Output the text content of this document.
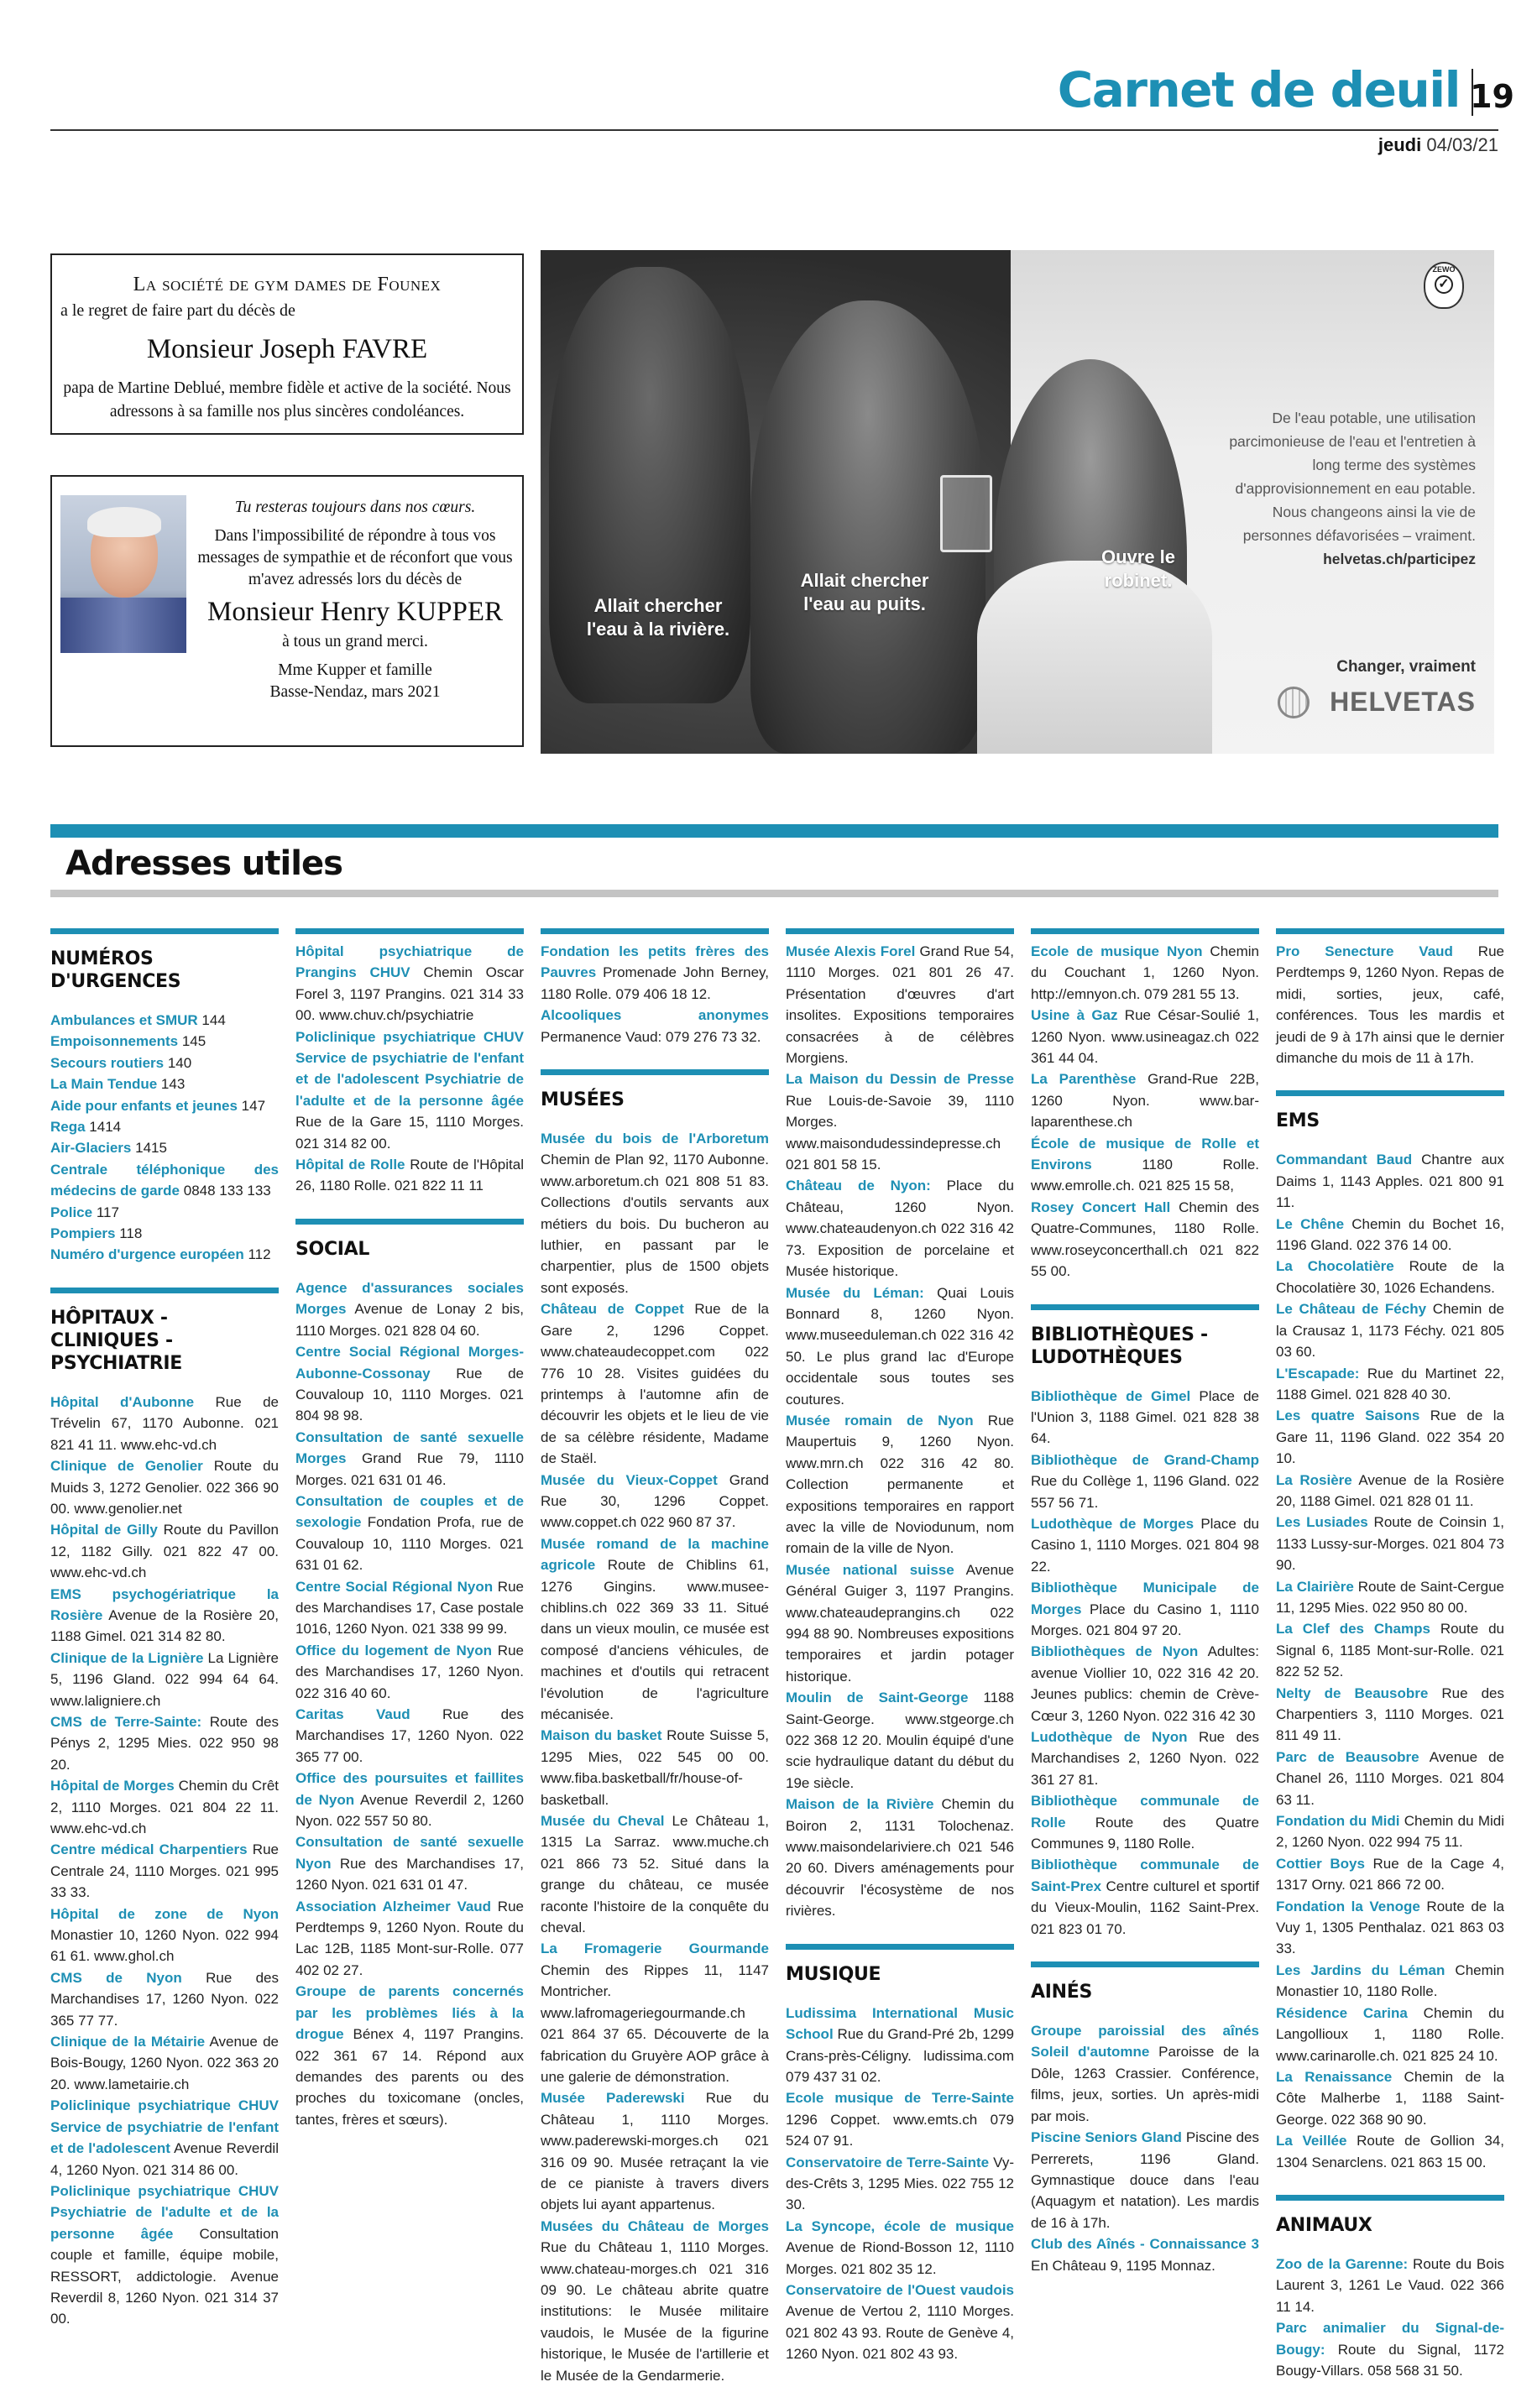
Carnet de deuil 19
jeudi 04/03/21
La société de gym dames de Founex
a le regret de faire part du décès de
Monsieur Joseph FAVRE
papa de Martine Deblué, membre fidèle et active de la société. Nous adressons à sa famille nos plus sincères condoléances.
Tu resteras toujours dans nos cœurs.
Dans l'impossibilité de répondre à tous vos messages de sympathie et de réconfort que vous m'avez adressés lors du décès de
Monsieur Henry KUPPER
à tous un grand merci.
Mme Kupper et famille
Basse-Nendaz, mars 2021
Allait chercher l'eau à la rivière.
Allait chercher l'eau au puits.
Ouvre le robinet.
ZEWO
✓
De l'eau potable, une utilisation parcimonieuse de l'eau et l'entretien à long terme des systèmes d'approvisionnement en eau potable. Nous changeons ainsi la vie de personnes défavorisées – vraiment.
helvetas.ch/participez
Changer, vraiment
HELVETAS
Adresses utiles
NUMÉROS D'URGENCES
Ambulances et SMUR 144
Empoisonnements 145
Secours routiers 140
La Main Tendue 143
Aide pour enfants et jeunes 147
Rega 1414
Air-Glaciers 1415
Centrale téléphonique des médecins de garde 0848 133 133
Police 117
Pompiers 118
Numéro d'urgence européen 112
HÔPITAUX - CLINIQUES - PSYCHIATRIE
Hôpital d'Aubonne Rue de Trévelin 67, 1170 Aubonne. 021 821 41 11. www.ehc-vd.ch
Clinique de Genolier Route du Muids 3, 1272 Genolier. 022 366 90 00. www.genolier.net
Hôpital de Gilly Route du Pavillon 12, 1182 Gilly. 021 822 47 00. www.ehc-vd.ch
EMS psychogériatrique la Rosière Avenue de la Rosière 20, 1188 Gimel. 021 314 82 80.
Clinique de la Lignière La Lignière 5, 1196 Gland. 022 994 64 64. www.laligniere.ch
CMS de Terre-Sainte: Route des Pénys 2, 1295 Mies. 022 950 98 20.
Hôpital de Morges Chemin du Crêt 2, 1110 Morges. 021 804 22 11. www.ehc-vd.ch
Centre médical Charpentiers Rue Centrale 24, 1110 Morges. 021 995 33 33.
Hôpital de zone de Nyon Monastier 10, 1260 Nyon. 022 994 61 61. www.ghol.ch
CMS de Nyon Rue des Marchandises 17, 1260 Nyon. 022 365 77 77.
Clinique de la Métairie Avenue de Bois-Bougy, 1260 Nyon. 022 363 20 20. www.lametairie.ch
Policlinique psychiatrique CHUV Service de psychiatrie de l'enfant et de l'adolescent Avenue Reverdil 4, 1260 Nyon. 021 314 86 00.
Policlinique psychiatrique CHUV Psychiatrie de l'adulte et de la personne âgée Consultation couple et famille, équipe mobile, RESSORT, addictologie. Avenue Reverdil 8, 1260 Nyon. 021 314 37 00.
Hôpital psychiatrique de Prangins CHUV Chemin Oscar Forel 3, 1197 Prangins. 021 314 33 00. www.chuv.ch/psychiatrie
Policlinique psychiatrique CHUV Service de psychiatrie de l'enfant et de l'adolescent Psychiatrie de l'adulte et de la personne âgée Rue de la Gare 15, 1110 Morges. 021 314 82 00.
Hôpital de Rolle Route de l'Hôpital 26, 1180 Rolle. 021 822 11 11
SOCIAL
Agence d'assurances sociales Morges Avenue de Lonay 2 bis, 1110 Morges. 021 828 04 60.
Centre Social Régional Morges-Aubonne-Cossonay Rue de Couvaloup 10, 1110 Morges. 021 804 98 98.
Consultation de santé sexuelle Morges Grand Rue 79, 1110 Morges. 021 631 01 46.
Consultation de couples et de sexologie Fondation Profa, rue de Couvaloup 10, 1110 Morges. 021 631 01 62.
Centre Social Régional Nyon Rue des Marchandises 17, Case postale 1016, 1260 Nyon. 021 338 99 99.
Office du logement de Nyon Rue des Marchandises 17, 1260 Nyon. 022 316 40 60.
Caritas Vaud Rue des Marchandises 17, 1260 Nyon. 022 365 77 00.
Office des poursuites et faillites de Nyon Avenue Reverdil 2, 1260 Nyon. 022 557 50 80.
Consultation de santé sexuelle Nyon Rue des Marchandises 17, 1260 Nyon. 021 631 01 47.
Association Alzheimer Vaud Rue Perdtemps 9, 1260 Nyon. Route du Lac 12B, 1185 Mont-sur-Rolle. 077 402 02 27.
Groupe de parents concernés par les problèmes liés à la drogue Bénex 4, 1197 Prangins. 022 361 67 14. Répond aux demandes des parents ou des proches du toxicomane (oncles, tantes, frères et sœurs).
Fondation les petits frères des Pauvres Promenade John Berney, 1180 Rolle. 079 406 18 12.
Alcooliques anonymes Permanence Vaud: 079 276 73 32.
MUSÉES
Musée du bois de l'Arboretum Chemin de Plan 92, 1170 Aubonne. www.arboretum.ch 021 808 51 83. Collections d'outils servants aux métiers du bois. Du bucheron au luthier, en passant par le charpentier, plus de 1500 objets sont exposés.
Château de Coppet Rue de la Gare 2, 1296 Coppet. www.chateaudecoppet.com 022 776 10 28. Visites guidées du printemps à l'automne afin de découvrir les objets et le lieu de vie de sa célèbre résidente, Madame de Staël.
Musée du Vieux-Coppet Grand Rue 30, 1296 Coppet. www.coppet.ch 022 960 87 37.
Musée romand de la machine agricole Route de Chiblins 61, 1276 Gingins. www.musee-chiblins.ch 022 369 33 11. Situé dans un vieux moulin, ce musée est composé d'anciens véhicules, de machines et d'outils qui retracent l'évolution de l'agriculture mécanisée.
Maison du basket Route Suisse 5, 1295 Mies, 022 545 00 00. www.fiba.basketball/fr/house-of-basketball.
Musée du Cheval Le Château 1, 1315 La Sarraz. www.muche.ch 021 866 73 52. Situé dans la grange du château, ce musée raconte l'histoire de la conquête du cheval.
La Fromagerie Gourmande Chemin des Rippes 11, 1147 Montricher. www.lafromageriegourmande.ch 021 864 37 65. Découverte de la fabrication du Gruyère AOP grâce à une galerie de démonstration.
Musée Paderewski Rue du Château 1, 1110 Morges. www.paderewski-morges.ch 021 316 09 90. Musée retraçant la vie de ce pianiste à travers divers objets lui ayant appartenus.
Musées du Château de Morges Rue du Château 1, 1110 Morges. www.chateau-morges.ch 021 316 09 90. Le château abrite quatre institutions: le Musée militaire vaudois, le Musée de la figurine historique, le Musée de l'artillerie et le Musée de la Gendarmerie.
Musée Alexis Forel Grand Rue 54, 1110 Morges. 021 801 26 47. Présentation d'œuvres d'art insolites. Expositions temporaires consacrées à de célèbres Morgiens.
La Maison du Dessin de Presse Rue Louis-de-Savoie 39, 1110 Morges. www.maisondudessindepresse.ch 021 801 58 15.
Château de Nyon: Place du Château, 1260 Nyon. www.chateaudenyon.ch 022 316 42 73. Exposition de porcelaine et Musée historique.
Musée du Léman: Quai Louis Bonnard 8, 1260 Nyon. www.museeduleman.ch 022 316 42 50. Le plus grand lac d'Europe occidentale sous toutes ses coutures.
Musée romain de Nyon Rue Maupertuis 9, 1260 Nyon. www.mrn.ch 022 316 42 80. Collection permanente et expositions temporaires en rapport avec la ville de Noviodunum, nom romain de la ville de Nyon.
Musée national suisse Avenue Général Guiger 3, 1197 Prangins. www.chateaudeprangins.ch 022 994 88 90. Nombreuses expositions temporaires et jardin potager historique.
Moulin de Saint-George 1188 Saint-George. www.stgeorge.ch 022 368 12 20. Moulin équipé d'une scie hydraulique datant du début du 19e siècle.
Maison de la Rivière Chemin du Boiron 2, 1131 Tolochenaz. www.maisondelariviere.ch 021 546 20 60. Divers aménagements pour découvrir l'écosystème de nos rivières.
MUSIQUE
Ludissima International Music School Rue du Grand-Pré 2b, 1299 Crans-près-Céligny. ludissima.com 079 437 31 02.
Ecole musique de Terre-Sainte 1296 Coppet. www.emts.ch 079 524 07 91.
Conservatoire de Terre-Sainte Vy-des-Crêts 3, 1295 Mies. 022 755 12 30.
La Syncope, école de musique Avenue de Riond-Bosson 12, 1110 Morges. 021 802 35 12.
Conservatoire de l'Ouest vaudois Avenue de Vertou 2, 1110 Morges. 021 802 43 93. Route de Genève 4, 1260 Nyon. 021 802 43 93.
Ecole de musique Nyon Chemin du Couchant 1, 1260 Nyon. http://emnyon.ch. 079 281 55 13.
Usine à Gaz Rue César-Soulié 1, 1260 Nyon. www.usineagaz.ch 022 361 44 04.
La Parenthèse Grand-Rue 22B, 1260 Nyon. www.bar-laparenthese.ch
École de musique de Rolle et Environs 1180 Rolle. www.emrolle.ch. 021 825 15 58,
Rosey Concert Hall Chemin des Quatre-Communes, 1180 Rolle. www.roseyconcerthall.ch 021 822 55 00.
BIBLIOTHÈQUES - LUDOTHÈQUES
Bibliothèque de Gimel Place de l'Union 3, 1188 Gimel. 021 828 38 64.
Bibliothèque de Grand-Champ Rue du Collège 1, 1196 Gland. 022 557 56 71.
Ludothèque de Morges Place du Casino 1, 1110 Morges. 021 804 98 22.
Bibliothèque Municipale de Morges Place du Casino 1, 1110 Morges. 021 804 97 20.
Bibliothèques de Nyon Adultes: avenue Viollier 10, 022 316 42 20. Jeunes publics: chemin de Crève-Cœur 3, 1260 Nyon. 022 316 42 30
Ludothèque de Nyon Rue des Marchandises 2, 1260 Nyon. 022 361 27 81.
Bibliothèque communale de Rolle Route des Quatre Communes 9, 1180 Rolle.
Bibliothèque communale de Saint-Prex Centre culturel et sportif du Vieux-Moulin, 1162 Saint-Prex. 021 823 01 70.
AINÉS
Groupe paroissial des aînés Soleil d'automne Paroisse de la Dôle, 1263 Crassier. Conférence, films, jeux, sorties. Un après-midi par mois.
Piscine Seniors Gland Piscine des Perrerets, 1196 Gland. Gymnastique douce dans l'eau (Aquagym et natation). Les mardis de 16 à 17h.
Club des Aînés - Connaissance 3 En Château 9, 1195 Monnaz.
Pro Senecture Vaud Rue Perdtemps 9, 1260 Nyon. Repas de midi, sorties, jeux, café, conférences. Tous les mardis et jeudi de 9 à 17h ainsi que le dernier dimanche du mois de 11 à 17h.
EMS
Commandant Baud Chantre aux Daims 1, 1143 Apples. 021 800 91 11.
Le Chêne Chemin du Bochet 16, 1196 Gland. 022 376 14 00.
La Chocolatière Route de la Chocolatière 30, 1026 Echandens.
Le Château de Féchy Chemin de la Crausaz 1, 1173 Féchy. 021 805 03 60.
L'Escapade: Rue du Martinet 22, 1188 Gimel. 021 828 40 30.
Les quatre Saisons Rue de la Gare 11, 1196 Gland. 022 354 20 10.
La Rosière Avenue de la Rosière 20, 1188 Gimel. 021 828 01 11.
Les Lusiades Route de Coinsin 1, 1133 Lussy-sur-Morges. 021 804 73 90.
La Clairière Route de Saint-Cergue 11, 1295 Mies. 022 950 80 00.
La Clef des Champs Route du Signal 6, 1185 Mont-sur-Rolle. 021 822 52 52.
Nelty de Beausobre Rue des Charpentiers 3, 1110 Morges. 021 811 49 11.
Parc de Beausobre Avenue de Chanel 26, 1110 Morges. 021 804 63 11.
Fondation du Midi Chemin du Midi 2, 1260 Nyon. 022 994 75 11.
Cottier Boys Rue de la Cage 4, 1317 Orny. 021 866 72 00.
Fondation la Venoge Route de la Vuy 1, 1305 Penthalaz. 021 863 03 33.
Les Jardins du Léman Chemin Monastier 10, 1180 Rolle.
Résidence Carina Chemin du Langolliouх 1, 1180 Rolle. www.carinarolle.ch. 021 825 24 10.
La Renaissance Chemin de la Côte Malherbe 1, 1188 Saint-George. 022 368 90 90.
La Veillée Route de Gollion 34, 1304 Senarclens. 021 863 15 00.
ANIMAUX
Zoo de la Garenne: Route du Bois Laurent 3, 1261 Le Vaud. 022 366 11 14.
Parc animalier du Signal-de-Bougy: Route du Signal, 1172 Bougy-Villars. 058 568 31 50.
